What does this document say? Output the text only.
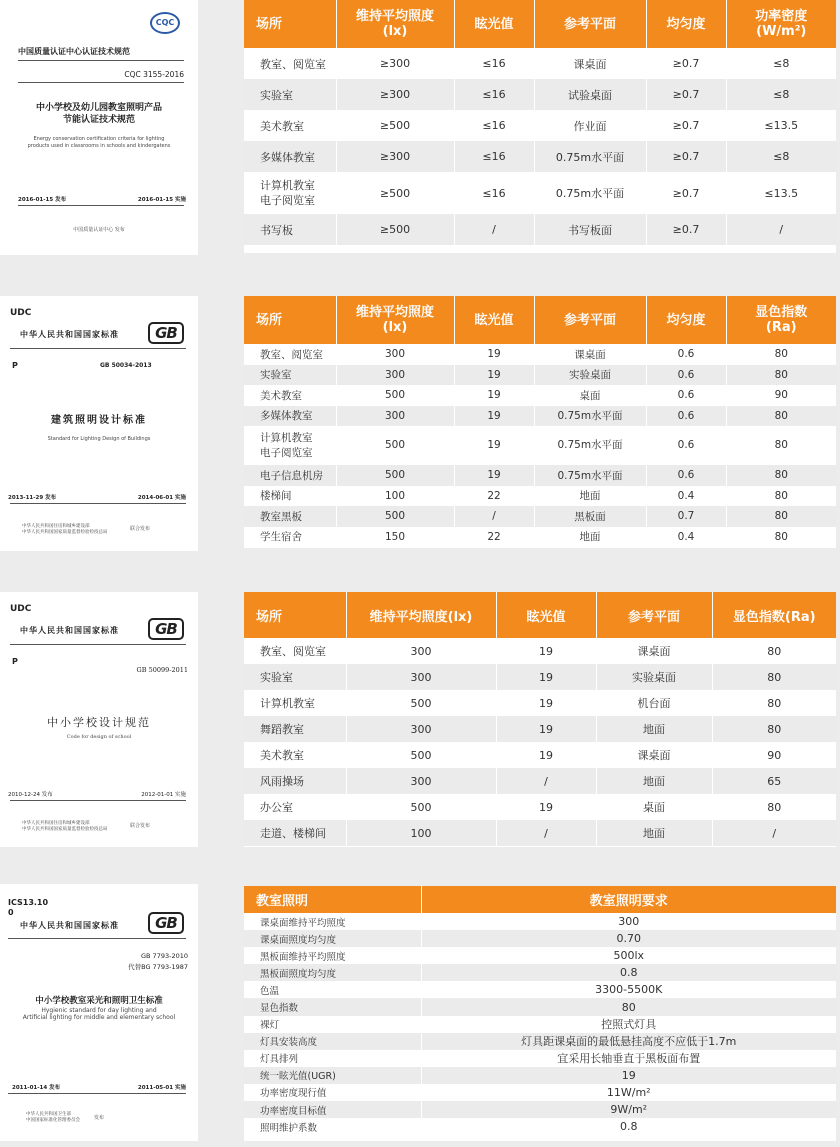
CQC
中国质量认证中心认证技术规范
CQC 3155-2016
中小学校及幼儿园教室照明产品
节能认证技术规范
Energy conservation certification criteria for lighting products used in classrooms in schools and kindergatens
2016-01-15 发布	2016-01-15 实施
中国质量认证中心 发布
场所	维持平均照度
(lx)	眩光值	参考平面	均匀度	功率密度
(W/m²)
教室、阅览室	≥300	≤16	课桌面	≥0.7	≤8
实验室	≥300	≤16	试验桌面	≥0.7	≤8
美术教室	≥500	≤16	作业面	≥0.7	≤13.5
多媒体教室	≥300	≤16	0.75m水平面	≥0.7	≤8
计算机教室
电子阅览室	≥500	≤16	0.75m水平面	≥0.7	≤13.5
书写板	≥500	/	书写板面	≥0.7	/
UDC
中华人民共和国国家标准	GB
P	GB 50034-2013
建筑照明设计标准
Standard for Lighting Design of Buildings
2013-11-29 发布	2014-06-01 实施
中华人民共和国住房和城乡建设部
中华人民共和国国家质量监督检验检疫总局
联合发布
场所	维持平均照度
(lx)	眩光值	参考平面	均匀度	显色指数
(Ra)
教室、阅览室	300	19	课桌面	0.6	80
实验室	300	19	实验桌面	0.6	80
美术教室	500	19	桌面	0.6	90
多媒体教室	300	19	0.75m水平面	0.6	80
计算机教室
电子阅览室	500	19	0.75m水平面	0.6	80
电子信息机房	500	19	0.75m水平面	0.6	80
楼梯间	100	22	地面	0.4	80
教室黑板	500	/	黑板面	0.7	80
学生宿舍	150	22	地面	0.4	80
UDC
中华人民共和国国家标准	GB
P
GB 50099-2011
中小学校设计规范
Code for design of school
2010-12-24 发布	2012-01-01 实施
中华人民共和国住房和城乡建设部
中华人民共和国国家质量监督检验检疫总局
联合发布
场所	维持平均照度(lx)	眩光值	参考平面	显色指数(Ra)
教室、阅览室	300	19	课桌面	80
实验室	300	19	实验桌面	80
计算机教室	500	19	机台面	80
舞蹈教室	300	19	地面	80
美术教室	500	19	课桌面	90
风雨操场	300	/	地面	65
办公室	500	19	桌面	80
走道、楼梯间	100	/	地面	/
ICS13.10
0
中华人民共和国国家标准	GB
GB 7793-2010
代替BG 7793-1987
中小学校教室采光和照明卫生标准
Hygienic standard for day lighting and
Artificial lighting for middle and elementary school
2011-01-14 发布	2011-05-01 实施
中华人民共和国卫生部
中国国家标准化管理委员会	发布
教室照明	教室照明要求
课桌面维持平均照度	300
课桌面照度均匀度	0.70
黑板面维持平均照度	500lx
黑板面照度均匀度	0.8
色温	3300-5500K
显色指数	80
裸灯	控照式灯具
灯具安装高度	灯具距课桌面的最低悬挂高度不应低于1.7m
灯具排列	宜采用长轴垂直于黑板面布置
统一眩光值(UGR)	19
功率密度现行值	11W/m²
功率密度目标值	9W/m²
照明维护系数	0.8
